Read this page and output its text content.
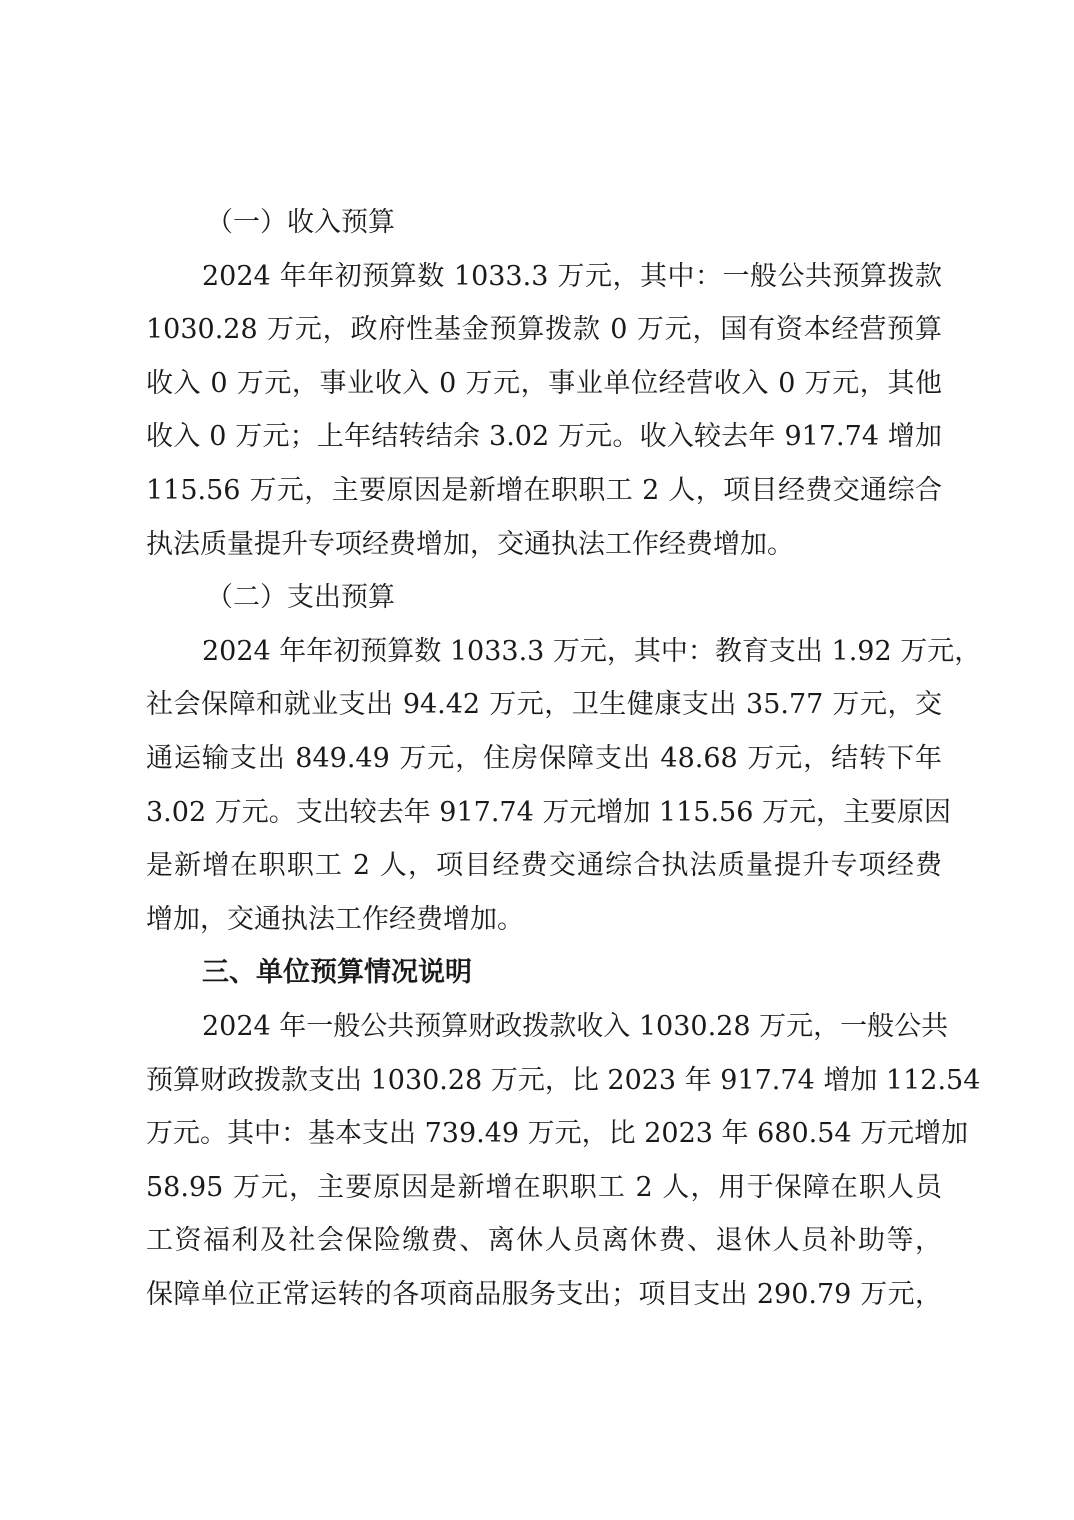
（一）收入预算
2024 年年初预算数 1033.3 万元，其中：一般公共预算拨款
1030.28 万元，政府性基金预算拨款 0 万元，国有资本经营预算
收入 0 万元，事业收入 0 万元，事业单位经营收入 0 万元，其他
收入 0 万元；上年结转结余 3.02 万元。收入较去年 917.74 增加
115.56 万元，主要原因是新增在职职工 2 人，项目经费交通综合
执法质量提升专项经费增加，交通执法工作经费增加。
（二）支出预算
2024 年年初预算数 1033.3 万元，其中：教育支出 1.92 万元，
社会保障和就业支出 94.42 万元，卫生健康支出 35.77 万元，交
通运输支出 849.49 万元，住房保障支出 48.68 万元，结转下年
3.02 万元。支出较去年 917.74 万元增加 115.56 万元，主要原因
是新增在职职工 2 人，项目经费交通综合执法质量提升专项经费
增加，交通执法工作经费增加。
三、单位预算情况说明
2024 年一般公共预算财政拨款收入 1030.28 万元，一般公共
预算财政拨款支出 1030.28 万元，比 2023 年 917.74 增加 112.54
万元。其中：基本支出 739.49 万元，比 2023 年 680.54 万元增加
58.95 万元，主要原因是新增在职职工 2 人，用于保障在职人员
工资福利及社会保险缴费、离休人员离休费、退休人员补助等，
保障单位正常运转的各项商品服务支出；项目支出 290.79 万元，
